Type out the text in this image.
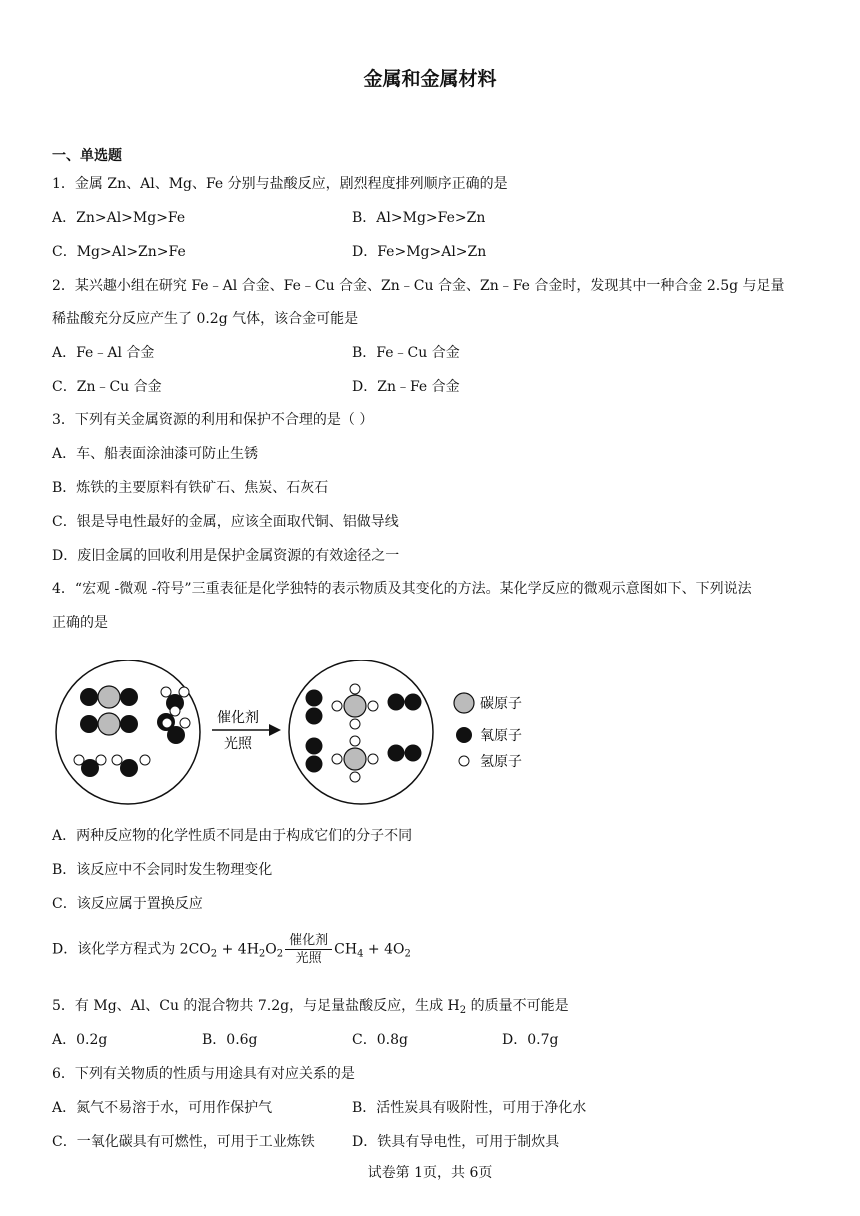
金属和金属材料
一、单选题
1．金属 Zn、Al、Mg、Fe 分别与盐酸反应，剧烈程度排列顺序正确的是
A．Zn>Al>Mg>Fe	B．Al>Mg>Fe>Zn
C．Mg>Al>Zn>Fe	D．Fe>Mg>Al>Zn
2．某兴趣小组在研究 Fe﹣Al 合金、Fe﹣Cu 合金、Zn﹣Cu 合金、Zn﹣Fe 合金时，发现其中一种合金 2.5g 与足量
稀盐酸充分反应产生了 0.2g 气体，该合金可能是
A．Fe﹣Al 合金	B．Fe﹣Cu 合金
C．Zn﹣Cu 合金	D．Zn﹣Fe 合金
3．下列有关金属资源的利用和保护不合理的是（ ）
A．车、船表面涂油漆可防止生锈
B．炼铁的主要原料有铁矿石、焦炭、石灰石
C．银是导电性最好的金属，应该全面取代铜、铝做导线
D．废旧金属的回收利用是保护金属资源的有效途径之一
4．“宏观 -微观 -符号”三重表征是化学独特的表示物质及其变化的方法。某化学反应的微观示意图如下、下列说法
正确的是
催化剂
光照
碳原子
氧原子
氢原子
A．两种反应物的化学性质不同是由于构成它们的分子不同
B．该反应中不会同时发生物理变化
C．该反应属于置换反应
D．该化学方程式为 $2CO_2 + 4H_2O_2 \frac{\text{催化剂}}{\text{光照}} CH_4 + 4O_2$
5．有 Mg、Al、Cu 的混合物共 7.2g，与足量盐酸反应，生成 $H_2$ 的质量不可能是
A．0.2g	B．0.6g	C．0.8g	D．0.7g
6．下列有关物质的性质与用途具有对应关系的是
A．氮气不易溶于水，可用作保护气	B．活性炭具有吸附性，可用于净化水
C．一氧化碳具有可燃性，可用于工业炼铁	D．铁具有导电性，可用于制炊具
试卷第 1页，共 6页
